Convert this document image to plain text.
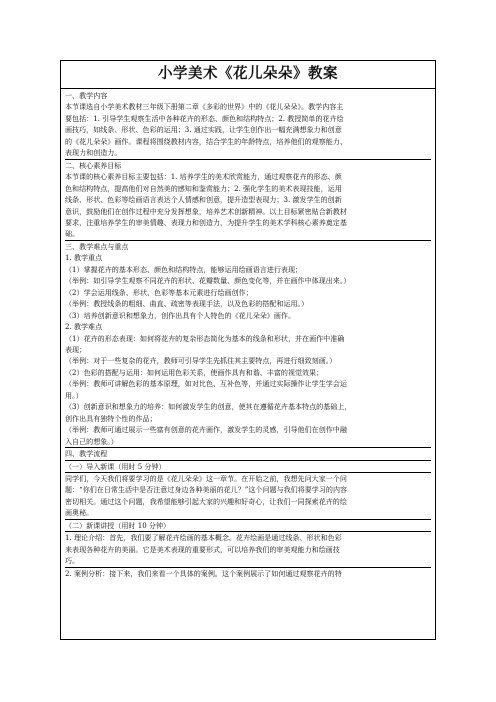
小学美术《花儿朵朵》教案
一、教学内容
本节课选自小学美术教材三年级下册第二章《多彩的世界》中的《花儿朵朵》。教学内容主
要包括：1. 引导学生观察生活中各种花卉的形态、颜色和结构特点；2. 教授简单的花卉绘
画技巧，如线条、形状、色彩的运用；3. 通过实践，让学生创作出一幅充满想象力和创意
的《花儿朵朵》画作。课程将围绕教材内容，结合学生的年龄特点，培养他们的观察能力、
表现力和创造力。
二、核心素养目标
本节课的核心素养目标主要包括：1. 培养学生的美术欣赏能力，通过观察花卉的形态、颜
色和结构特点，提高他们对自然美的感知和鉴赏能力；2. 强化学生的美术表现技能，运用
线条、形状、色彩等绘画语言表达个人情感和创意，提升造型表现力；3. 激发学生的创新
意识，鼓励他们在创作过程中充分发挥想象，培养艺术创新精神。以上目标紧密贴合新教材
要求，注重培养学生的审美情趣、表现力和创造力，为提升学生的美术学科核心素养奠定基
础。
三、教学难点与重点
1. 教学重点
（1）掌握花卉的基本形态、颜色和结构特点，能够运用绘画语言进行表现；
（举例：如引导学生观察不同花卉的形状、花瓣数量、颜色变化等，并在画作中体现出来。）
（2）学会运用线条、形状、色彩等基本元素进行绘画创作；
（举例：教授线条的粗细、曲直、疏密等表现手法，以及色彩的搭配和运用。）
（3）培养创新意识和想象力，创作出具有个人特色的《花儿朵朵》画作。
2. 教学难点
（1）花卉的形态表现：如何将花卉的复杂形态简化为基本的线条和形状，并在画作中准确
表现；
（举例：对于一些复杂的花卉，教师可引导学生先抓住其主要特点，再进行细致刻画。）
（2）色彩的搭配与运用：如何运用色彩关系，使画作具有和谐、丰富的视觉效果；
（举例：教师可讲解色彩的基本原理，如对比色、互补色等，并通过实际操作让学生学会运
用。）
（3）创新意识和想象力的培养：如何激发学生的创意，使其在遵循花卉基本特点的基础上，
创作出具有独特个性的作品；
（举例：教师可通过展示一些富有创意的花卉画作，激发学生的灵感，引导他们在创作中融
入自己的想象。）
四、教学流程
（一）导入新课（用时 5 分钟）
同学们，今天我们将要学习的是《花儿朵朵》这一章节。在开始之前，我想先问大家一个问
题：“你们在日常生活中是否注意过身边各种美丽的花儿？”这个问题与我们将要学习的内容
密切相关。通过这个问题，我希望能够引起大家的兴趣和好奇心，让我们一同探索花卉的绘
画奥秘。
（二）新课讲授（用时 10 分钟）
1. 理论介绍：首先，我们要了解花卉绘画的基本概念。花卉绘画是通过线条、形状和色彩
来表现各种花卉的美丽。它是美术表现的重要形式，可以培养我们的审美观能力和绘画技
巧。
2. 案例分析：接下来，我们来看一个具体的案例。这个案例展示了如何通过观察花卉的特
